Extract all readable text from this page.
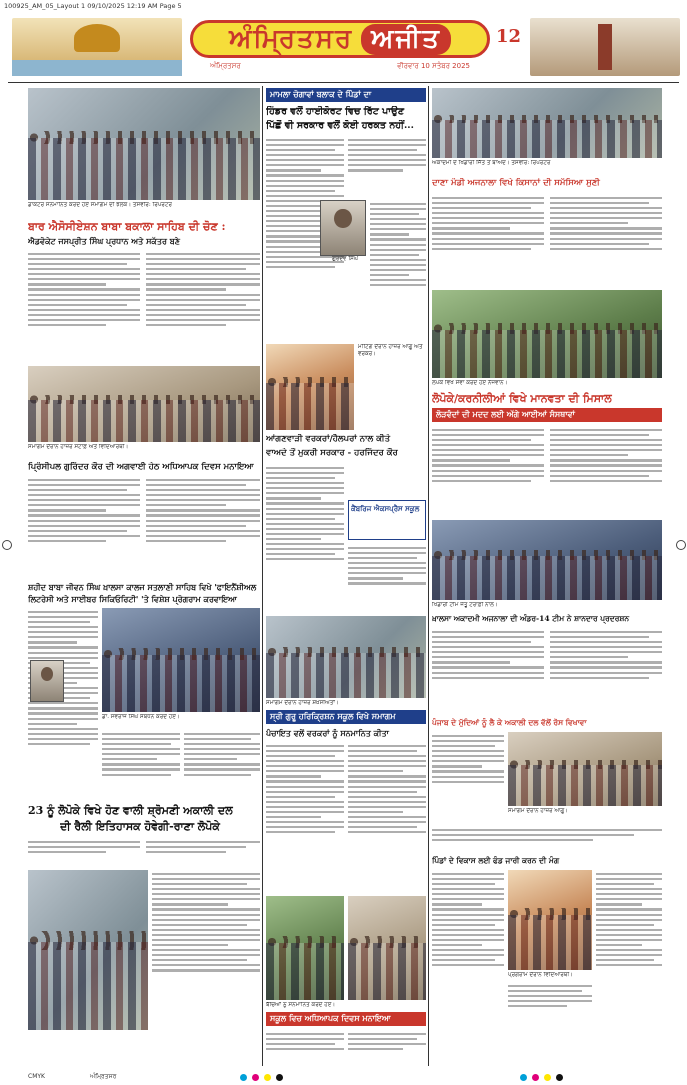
100925_AM_05_Layout 1 09/10/2025 12:19 AM Page 5
ਅੰਮ੍ਰਿਤਸਰ ਅਜੀਤ	12
ਅੰਮ੍ਰਿਤਸਰ	ਵੀਰਵਾਰ 10 ਸਤੰਬਰ 2025
ਡਾਕਟਰ ਸਨਮਾਨਿਤ ਕਰਦੇ ਹੋਏ ਸਮਾਗਮ ਦੀ ਝਲਕ। ਤਸਵੀਰ: ਰਿਪੋਰਟਰ
ਬਾਰ ਐਸੋਸੀਏਸ਼ਨ ਬਾਬਾ ਬਕਾਲਾ ਸਾਹਿਬ ਦੀ ਚੋਣ :
ਐਡਵੋਕੇਟ ਜਸਪ੍ਰੀਤ ਸਿੰਘ ਪ੍ਰਧਾਨ ਅਤੇ ਸਕੱਤਰ ਬਣੇ
ਸਮਾਗਮ ਦੌਰਾਨ ਹਾਜ਼ਰ ਸਟਾਫ਼ ਅਤੇ ਵਿਦਿਆਰਥੀ।
ਪ੍ਰਿੰਸੀਪਲ ਗੁਰਿੰਦਰ ਕੌਰ ਦੀ ਅਗਵਾਈ ਹੇਠ ਅਧਿਆਪਕ ਦਿਵਸ ਮਨਾਇਆ
ਸ਼ਹੀਦ ਬਾਬਾ ਜੀਵਨ ਸਿੰਘ ਖ਼ਾਲਸਾ ਕਾਲਜ ਸਤਲਾਣੀ ਸਾਹਿਬ ਵਿਖੇ 'ਫਾਇਨੈਂਸ਼ੀਅਲ
ਲਿਟਰੇਸੀ ਅਤੇ ਸਾਈਬਰ ਸਿਕਿਓਰਿਟੀ' 'ਤੇ ਵਿਸ਼ੇਸ਼ ਪ੍ਰੋਗਰਾਮ ਕਰਵਾਇਆ
ਡਾ. ਸਵਰਾਜ ਸਿੰਘ ਸੰਬੋਧਨ ਕਰਦੇ ਹੋਏ।
23 ਨੂੰ ਲੋਪੋਕੇ ਵਿਖੇ ਹੋਣ ਵਾਲੀ ਸ਼੍ਰੋਮਣੀ ਅਕਾਲੀ ਦਲ
ਦੀ ਰੈਲੀ ਇਤਿਹਾਸਕ ਹੋਵੇਗੀ-ਰਾਣਾ ਲੋਪੋਕੇ
ਮਾਮਲਾ ਚੋਗਾਵਾਂ ਬਲਾਕ ਦੇ ਪਿੰਡਾਂ ਦਾ
ਹਿੰਡਰ ਵਲੋਂ ਹਾਈਕੋਰਟ ਵਿਚ ਰਿੱਟ ਪਾਉਣ
ਪਿੱਛੋਂ ਵੀ ਸਰਕਾਰ ਵਲੋਂ ਕੋਈ ਹਰਕਤ ਨਹੀਂ...
ਗੁਰਦੇਵ ਸਿੰਘ
ਮੀਟਿੰਗ ਦੌਰਾਨ ਹਾਜ਼ਰ ਆਗੂ ਅਤੇ ਵਰਕਰ।
ਆਂਗਣਵਾੜੀ ਵਰਕਰਾਂ/ਹੈਲਪਰਾਂ ਨਾਲ ਕੀਤੇ
ਵਾਅਦੇ ਤੋਂ ਮੁਕਰੀ ਸਰਕਾਰ - ਹਰਜਿੰਦਰ ਕੌਰ
ਕੈਂਬਰਿਜ ਐਕਸਪ੍ਰੈਸ ਸਕੂਲ
ਸਮਾਗਮ ਦੌਰਾਨ ਹਾਜ਼ਰ ਸ਼ਖ਼ਸੀਅਤਾਂ।
ਸ੍ਰੀ ਗੁਰੂ ਹਰਿਕ੍ਰਿਸ਼ਨ ਸਕੂਲ ਵਿਖੇ ਸਮਾਗਮ
ਪੰਚਾਇਤ ਵਲੋਂ ਵਰਕਰਾਂ ਨੂੰ ਸਨਮਾਨਿਤ ਕੀਤਾ
ਬੱਚਿਆਂ ਨੂੰ ਸਨਮਾਨਿਤ ਕਰਦੇ ਹੋਏ।
ਸਕੂਲ ਵਿਚ ਅਧਿਆਪਕ ਦਿਵਸ ਮਨਾਇਆ
ਅਕਾਦਮੀ ਦੇ ਖਿਡਾਰੀ ਜਿੱਤ ਤੋਂ ਬਾਅਦ। ਤਸਵੀਰ: ਰਿਪੋਰਟਰ
ਦਾਣਾ ਮੰਡੀ ਅਜਨਾਲਾ ਵਿਖੇ ਕਿਸਾਨਾਂ ਦੀ ਸਮੱਸਿਆ ਸੁਣੀ
ਲੋਪੋਕੇ ਵਿਖੇ ਸੇਵਾ ਕਰਦੇ ਹੋਏ ਨੌਜਵਾਨ।
ਲੋਪੋਕੇ/ਕਰਨੀਲੀਆਂ ਵਿਖੇ ਮਾਨਵਤਾ ਦੀ ਮਿਸਾਲ
ਲੋੜਵੰਦਾਂ ਦੀ ਮਦਦ ਲਈ ਅੱਗੇ ਆਈਆਂ ਸੰਸਥਾਵਾਂ
ਖਿਡਾਰੀ ਟੀਮ ਜੇਤੂ ਟਰਾਫ਼ੀ ਨਾਲ।
ਖ਼ਾਲਸਾ ਅਕਾਦਮੀ ਅਜਨਾਲਾ ਦੀ ਅੰਡਰ-14 ਟੀਮ ਨੇ ਸ਼ਾਨਦਾਰ ਪ੍ਰਦਰਸ਼ਨ
ਪੰਜਾਬ ਦੇ ਮੁੱਦਿਆਂ ਨੂੰ ਲੈ ਕੇ ਅਕਾਲੀ ਦਲ ਵੱਲੋਂ ਰੋਸ ਵਿਖਾਵਾ
ਸਮਾਗਮ ਦੌਰਾਨ ਹਾਜ਼ਰ ਆਗੂ।
ਪਿੰਡਾਂ ਦੇ ਵਿਕਾਸ ਲਈ ਫੰਡ ਜਾਰੀ ਕਰਨ ਦੀ ਮੰਗ
ਪ੍ਰੋਗਰਾਮ ਦੌਰਾਨ ਵਿਦਿਆਰਥੀ।
CMYK	ਅੰਮ੍ਰਿਤਸਰ
